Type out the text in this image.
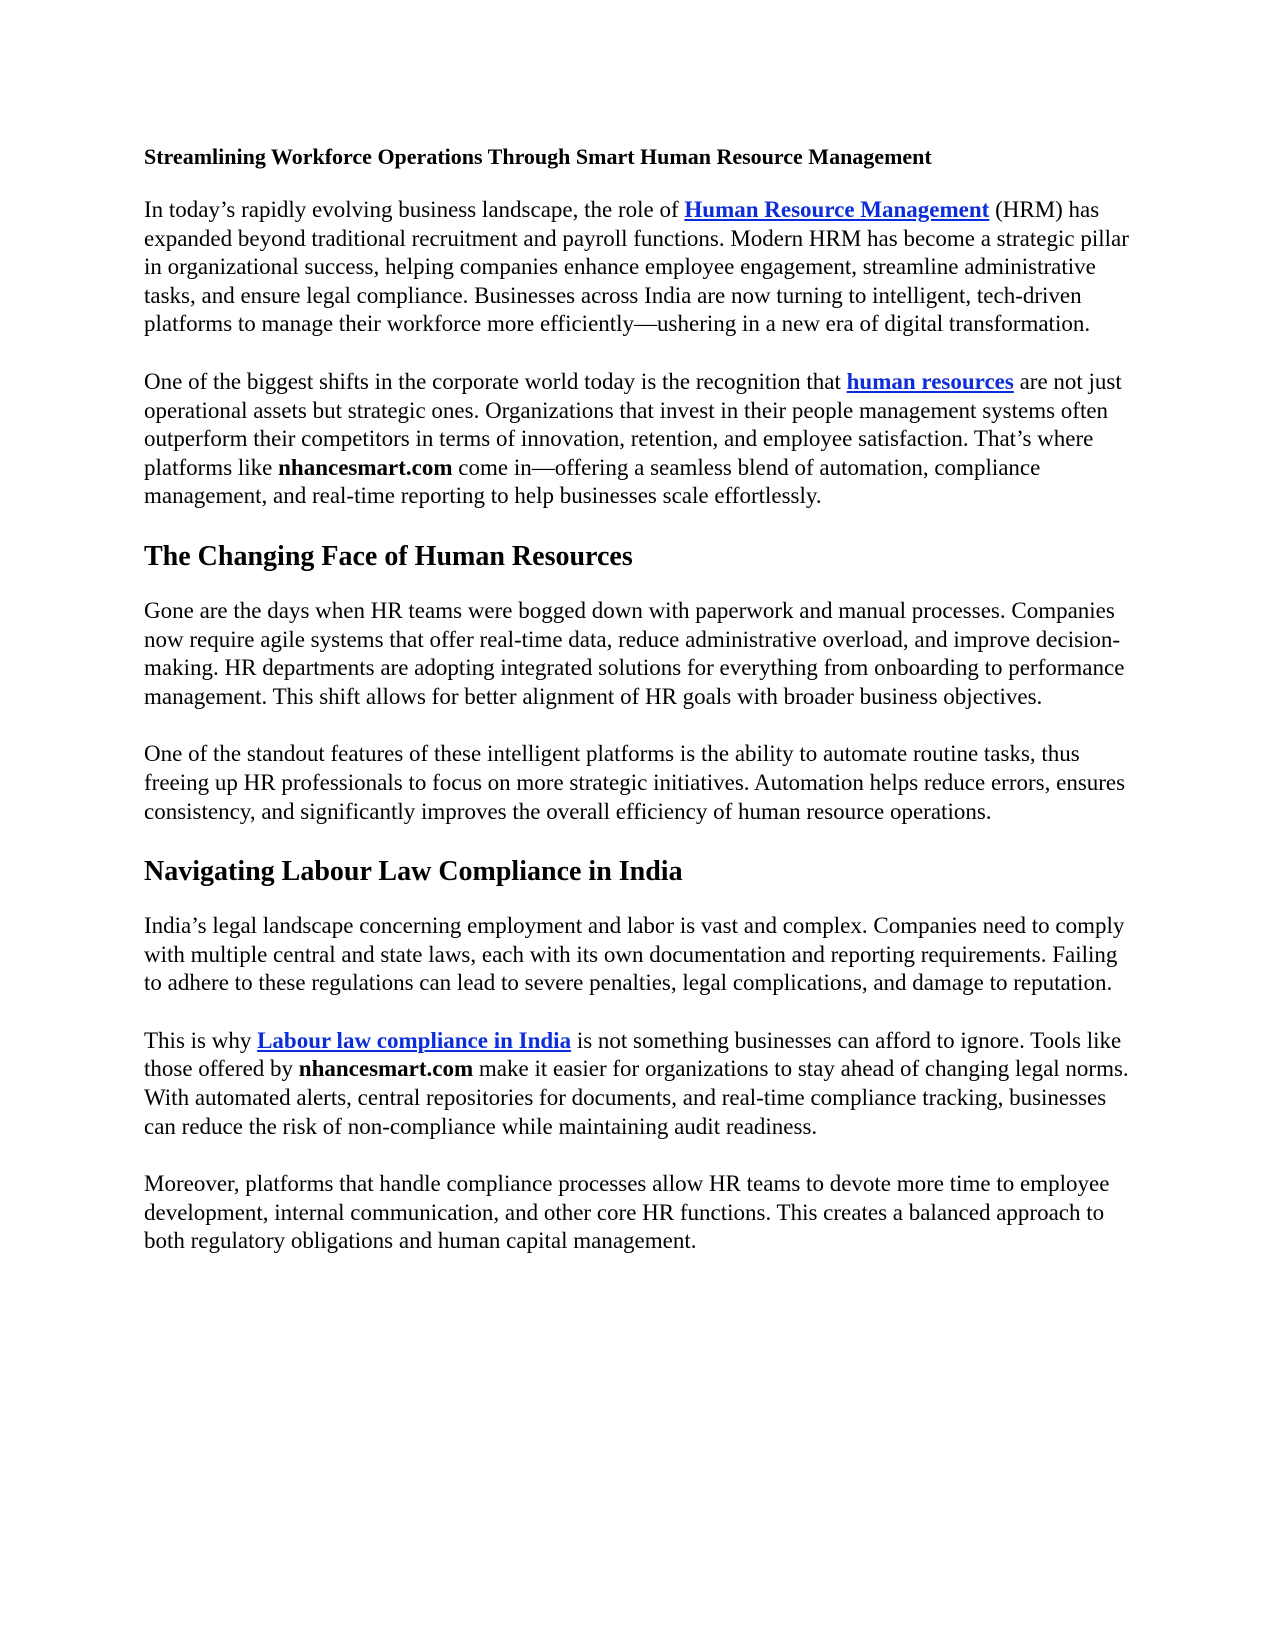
Streamlining Workforce Operations Through Smart Human Resource Management

In today’s rapidly evolving business landscape, the role of Human Resource Management (HRM) has expanded beyond traditional recruitment and payroll functions. Modern HRM has become a strategic pillar in organizational success, helping companies enhance employee engagement, streamline administrative tasks, and ensure legal compliance. Businesses across India are now turning to intelligent, tech-driven platforms to manage their workforce more efficiently—ushering in a new era of digital transformation.

One of the biggest shifts in the corporate world today is the recognition that human resources are not just operational assets but strategic ones. Organizations that invest in their people management systems often outperform their competitors in terms of innovation, retention, and employee satisfaction. That’s where platforms like nhancesmart.com come in—offering a seamless blend of automation, compliance management, and real-time reporting to help businesses scale effortlessly.

The Changing Face of Human Resources

Gone are the days when HR teams were bogged down with paperwork and manual processes. Companies now require agile systems that offer real-time data, reduce administrative overload, and improve decision-making. HR departments are adopting integrated solutions for everything from onboarding to performance management. This shift allows for better alignment of HR goals with broader business objectives.

One of the standout features of these intelligent platforms is the ability to automate routine tasks, thus freeing up HR professionals to focus on more strategic initiatives. Automation helps reduce errors, ensures consistency, and significantly improves the overall efficiency of human resource operations.

Navigating Labour Law Compliance in India

India’s legal landscape concerning employment and labor is vast and complex. Companies need to comply with multiple central and state laws, each with its own documentation and reporting requirements. Failing to adhere to these regulations can lead to severe penalties, legal complications, and damage to reputation.

This is why Labour law compliance in India is not something businesses can afford to ignore. Tools like those offered by nhancesmart.com make it easier for organizations to stay ahead of changing legal norms. With automated alerts, central repositories for documents, and real-time compliance tracking, businesses can reduce the risk of non-compliance while maintaining audit readiness.

Moreover, platforms that handle compliance processes allow HR teams to devote more time to employee development, internal communication, and other core HR functions. This creates a balanced approach to both regulatory obligations and human capital management.
